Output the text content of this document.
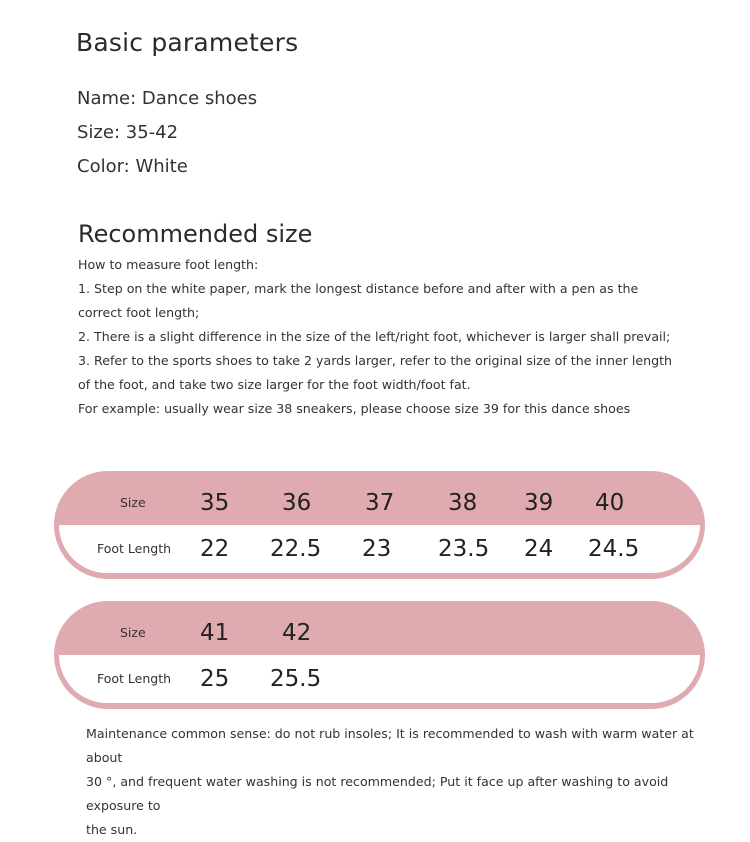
Basic parameters
Name: Dance shoes
Size: 35-42
Color: White
Recommended size
How to measure foot length:
1. Step on the white paper, mark the longest distance before and after with a pen as the
correct foot length;
2. There is a slight difference in the size of the left/right foot, whichever is larger shall prevail;
3. Refer to the sports shoes to take 2 yards larger, refer to the original size of the inner length
of the foot, and take two size larger for the foot width/foot fat.
For example: usually wear size 38 sneakers, please choose size 39 for this dance shoes
Size
Foot Length
35 36 37 38 39 40
22 22.5 23 23.5 24 24.5
Size
Foot Length
41 42
25 25.5
Maintenance common sense: do not rub insoles; It is recommended to wash with warm water at about
30 °, and frequent water washing is not recommended; Put it face up after washing to avoid exposure to
the sun.
